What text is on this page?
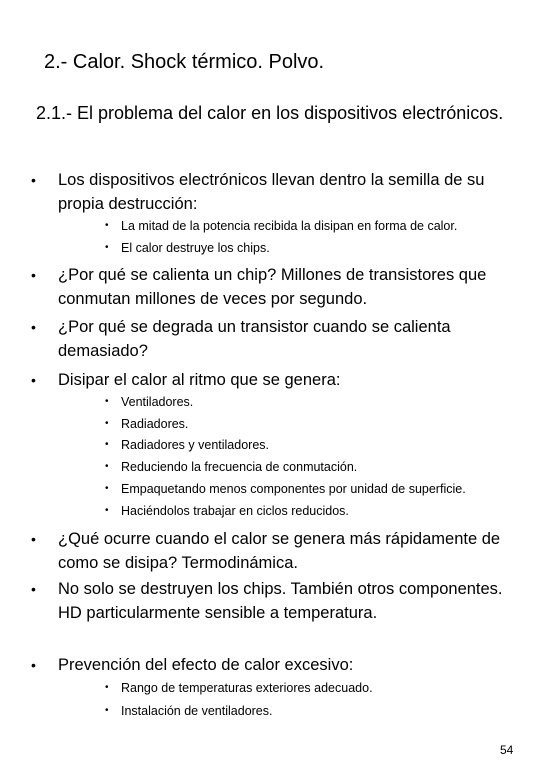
2.- Calor. Shock térmico. Polvo.
2.1.- El problema del calor en los dispositivos electrónicos.
• Los dispositivos electrónicos llevan dentro la semilla de su propia destrucción:
• La mitad de la potencia recibida la disipan en forma de calor.
• El calor destruye los chips.
• ¿Por qué se calienta un chip? Millones de transistores que conmutan millones de veces por segundo.
• ¿Por qué se degrada un transistor cuando se calienta demasiado?
• Disipar el calor al ritmo que se genera:
• Ventiladores.
• Radiadores.
• Radiadores y ventiladores.
• Reduciendo la frecuencia de conmutación.
• Empaquetando menos componentes por unidad de superficie.
• Haciéndolos trabajar en ciclos reducidos.
• ¿Qué ocurre cuando el calor se genera más rápidamente de como se disipa? Termodinámica.
• No solo se destruyen los chips. También otros componentes. HD particularmente sensible a temperatura.
• Prevención del efecto de calor excesivo:
• Rango de temperaturas exteriores adecuado.
• Instalación de ventiladores.
54
